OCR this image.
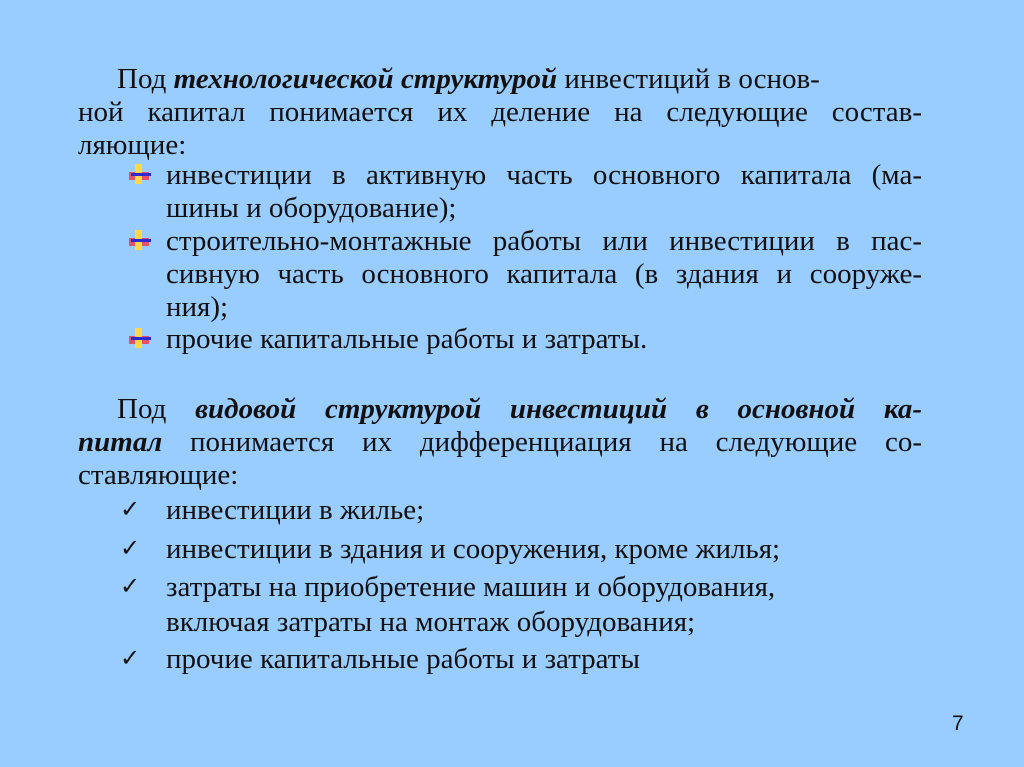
Под технологической структурой инвестиций в основ-
ной капитал понимается их деление на следующие состав-
ляющие:
инвестиции в активную часть основного капитала (ма-
шины и оборудование);
строительно-монтажные работы или инвестиции в пас-
сивную часть основного капитала (в здания и сооруже-
ния);
прочие капитальные работы и затраты.
Под видовой структурой инвестиций в основной ка-
питал понимается их дифференциация на следующие со-
ставляющие:
✓ инвестиции в жилье;
✓ инвестиции в здания и сооружения, кроме жилья;
✓ затраты на приобретение машин и оборудования,
включая затраты на монтаж оборудования;
✓ прочие капитальные работы и затраты
7
